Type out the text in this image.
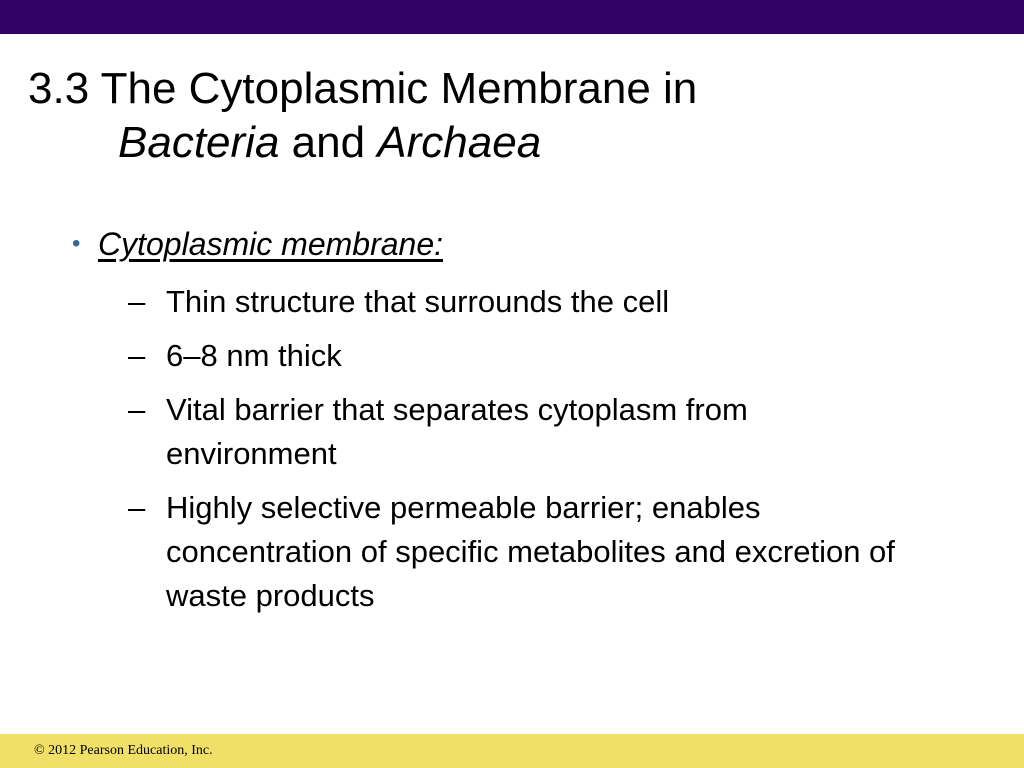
3.3 The Cytoplasmic Membrane in
Bacteria and Archaea
• Cytoplasmic membrane:
– Thin structure that surrounds the cell
– 6–8 nm thick
– Vital barrier that separates cytoplasm from environment
– Highly selective permeable barrier; enables concentration of specific metabolites and excretion of waste products
© 2012 Pearson Education, Inc.
